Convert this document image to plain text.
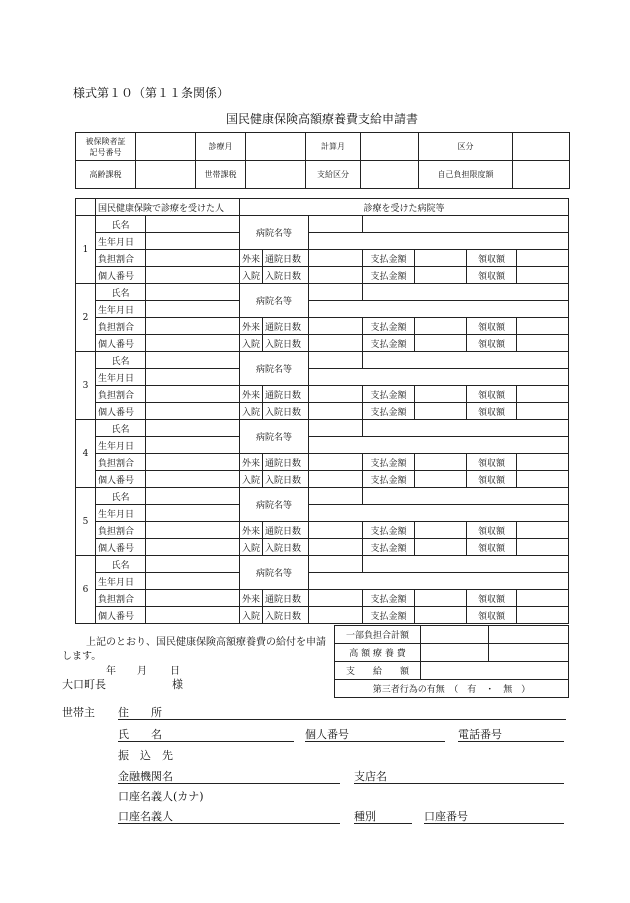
様式第１０（第１１条関係）
国民健康保険高額療養費支給申請書
被保険者証
記号番号		診療月		計算月		区分	
高齢課税		世帯課税		支給区分		自己負担限度額	
	国民健康保険で診療を受けた人		診療を受けた病院等						
1	氏名		病院名等						
	生年月日								
	負担割合		外来	通院日数		支払金額		領収額	
	個人番号		入院	入院日数		支払金額		領収額	
2	氏名		病院名等						
	生年月日								
	負担割合		外来	通院日数		支払金額		領収額	
	個人番号		入院	入院日数		支払金額		領収額	
3	氏名		病院名等						
	生年月日								
	負担割合		外来	通院日数		支払金額		領収額	
	個人番号		入院	入院日数		支払金額		領収額	
4	氏名		病院名等						
	生年月日								
	負担割合		外来	通院日数		支払金額		領収額	
	個人番号		入院	入院日数		支払金額		領収額	
5	氏名		病院名等						
	生年月日								
	負担割合		外来	通院日数		支払金額		領収額	
	個人番号		入院	入院日数		支払金額		領収額	
6	氏名		病院名等						
	生年月日								
	負担割合		外来	通院日数		支払金額		領収額	
	個人番号		入院	入院日数		支払金額		領収額	
上記のとおり、国民健康保険高額療養費の給付を申請
します。
年 月 日
大口町長	様
一部負担合計額		
高 額 療 養 費		
支　　給　　額		
第三者行為の有無　（　有　・　無　）		
世帯主 住　　所
氏　　名	個人番号	電話番号
振　込　先
金融機関名	支店名
口座名義人(カナ)
口座名義人	種別	口座番号
